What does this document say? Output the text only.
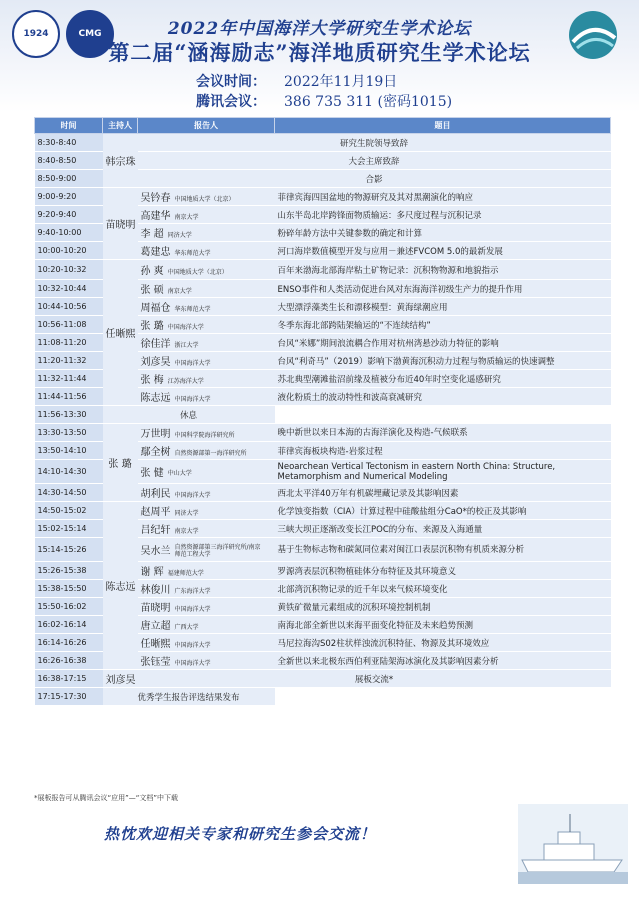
1924	CMG	2022年中国海洋大学研究生学术论坛
第二届“涵海励志”海洋地质研究生学术论坛
会议时间： 2022年11月19日
腾讯会议： 386 735 311 (密码1015)
时间	主持人	报告人	题目
8:30-8:40	韩宗珠	研究生院领导致辞	
8:40-8:50		大会主席致辞	
8:50-9:00		合影	
9:00-9:20	苗晓明	吴钤春 中国地质大学（北京）	菲律宾海四国盆地的物源研究及其对黑潮演化的响应
9:20-9:40		高建华 南京大学	山东半岛北岸跨锋面物质输运：多尺度过程与沉积记录
9:40-10:00		李 超 同济大学	粉碎年龄方法中关键参数的确定和计算
10:00-10:20		葛建忠 华东师范大学	河口海岸数值模型开发与应用－兼述FVCOM 5.0的最新发展
10:20-10:32	任晰熙	孙 爽 中国地质大学（北京）	百年来渤海北部海岸粘土矿物记录：沉积物物源和地貌指示
10:32-10:44		张 硕 南京大学	ENSO事件和人类活动促进台风对东海海洋初级生产力的提升作用
10:44-10:56		周福仓 华东师范大学	大型漂浮藻类生长和漂移模型：黄海绿潮应用
10:56-11:08		张 璐 中国海洋大学	冬季东海北部跨陆架输运的“不连续结构”
11:08-11:20		徐佳洋 浙江大学	台风“米娜”期间浪流耦合作用对杭州湾悬沙动力特征的影响
11:20-11:32		刘彦昊 中国海洋大学	台风“利奇马”（2019）影响下渤黄海沉积动力过程与物质输运的快速调整
11:32-11:44		张 梅 江苏海洋大学	苏北典型潮滩盐沼前缘及植被分布近40年时空变化遥感研究
11:44-11:56		陈志远 中国海洋大学	液化粉质土的波动特性和波高衰减研究
11:56-13:30	休息		
13:30-13:50	张 璐	万世明 中国科学院海洋研究所	晚中新世以来日本海的古海洋演化及构造-气候联系
13:50-14:10		鄢全树 自然资源部第一海洋研究所	菲律宾海板块构造-岩浆过程
14:10-14:30		张 健 中山大学	Neoarchean Vertical Tectonism in eastern North China: Structure, Metamorphism and Numerical Modeling
14:30-14:50		胡利民 中国海洋大学	西北太平洋40万年有机碳埋藏记录及其影响因素
14:50-15:02	陈志远	赵周平 同济大学	化学蚀变指数（CIA）计算过程中硅酸盐组分CaO*的校正及其影响
15:02-15:14		吕纪轩 南京大学	三峡大坝正逐渐改变长江POC的分布、来源及入海通量
15:14-15:26		吴水兰 自然资源部第三海洋研究所/南京师范工程大学	基于生物标志物和碳氮同位素对闽江口表层沉积物有机质来源分析
15:26-15:38		谢 辉 福建师范大学	罗源湾表层沉积物植硅体分布特征及其环境意义
15:38-15:50		林俊川 广东海洋大学	北部湾沉积物记录的近千年以来气候环境变化
15:50-16:02		苗晓明 中国海洋大学	黄铁矿微量元素组成的沉积环境控制机制
16:02-16:14		唐立超 广西大学	南海北部全新世以来海平面变化特征及未来趋势预测
16:14-16:26		任晰熙 中国海洋大学	马尼拉海沟S02柱状样浊流沉积特征、物源及其环境效应
16:26-16:38		张钰莹 中国海洋大学	全新世以来北极东西伯利亚陆架海冰演化及其影响因素分析
16:38-17:15	刘彦昊	展板交流*	
17:15-17:30	优秀学生报告评选结果发布		
*展板报告可从腾讯会议“应用”—“文档”中下载
热忱欢迎相关专家和研究生参会交流！
